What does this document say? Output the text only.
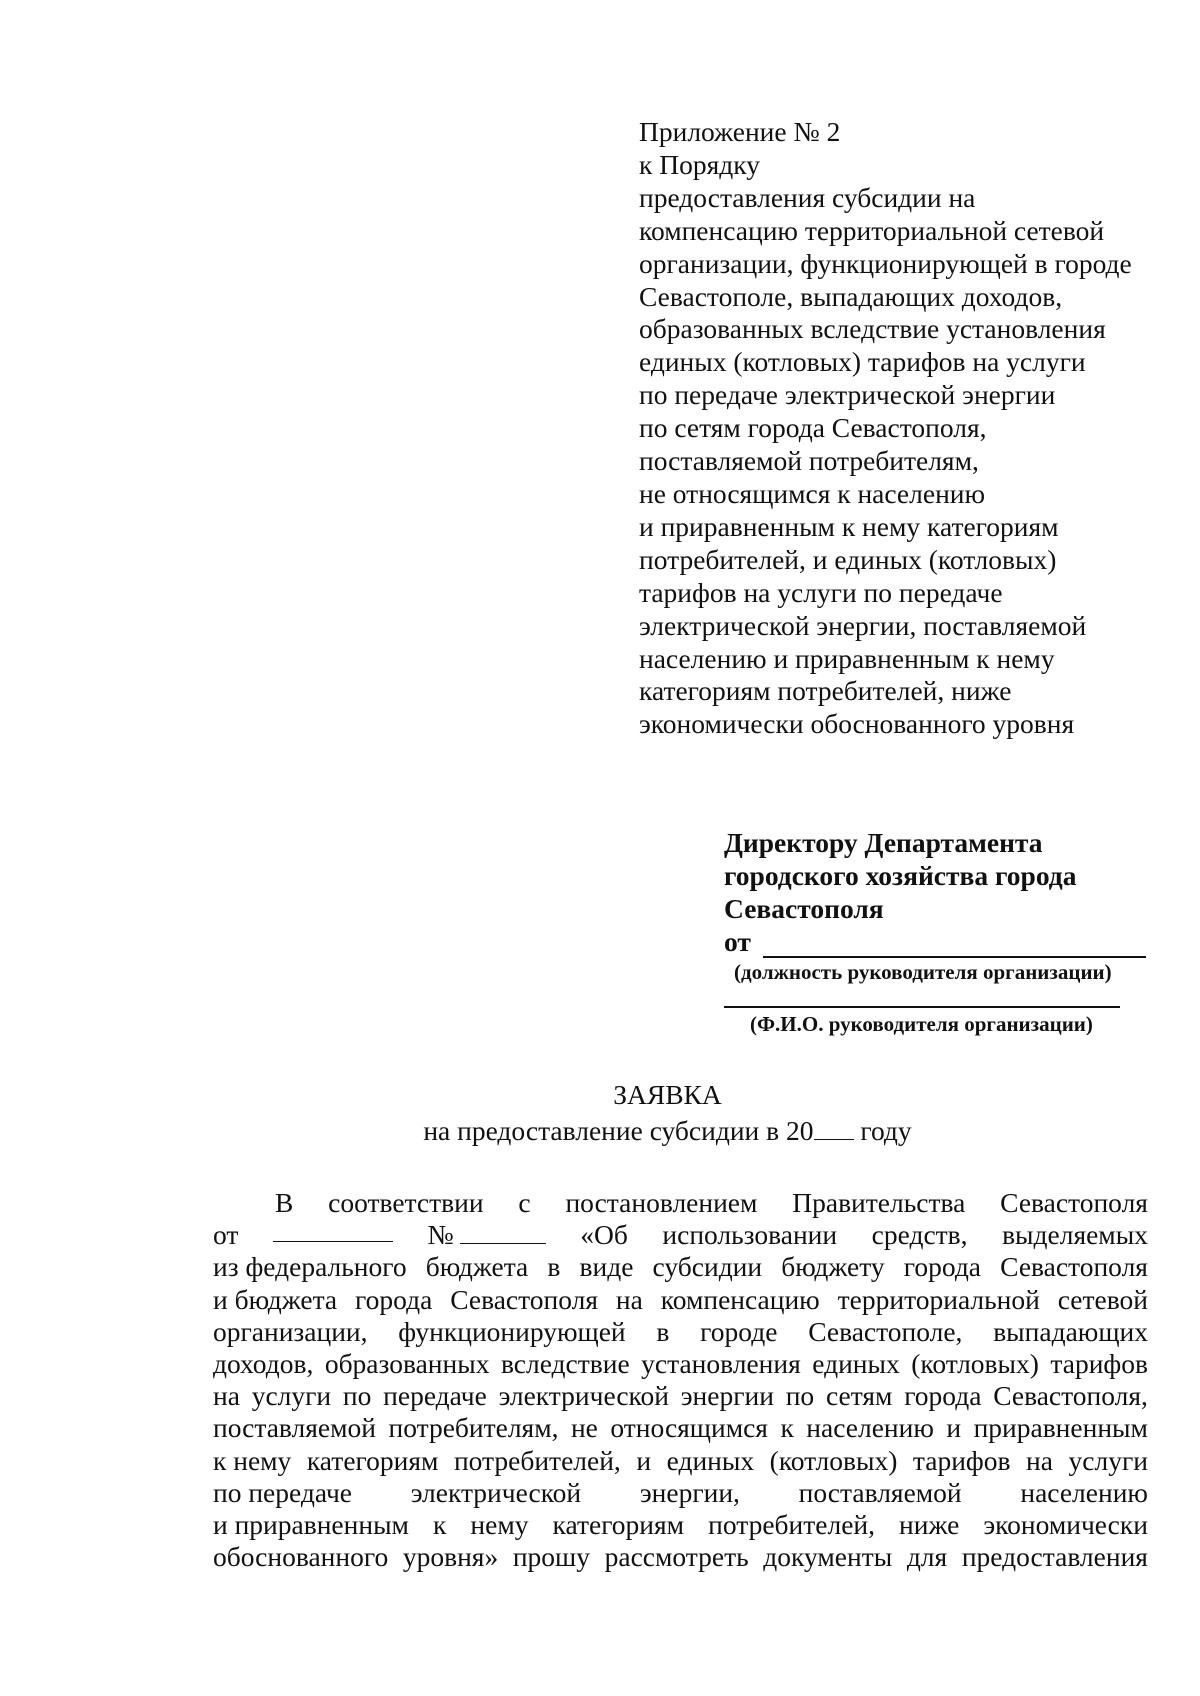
Приложение № 2
к Порядку
предоставления субсидии на
компенсацию территориальной сетевой
организации, функционирующей в городе
Севастополе, выпадающих доходов,
образованных вследствие установления
единых (котловых) тарифов на услуги
по передаче электрической энергии
по сетям города Севастополя,
поставляемой потребителям,
не относящимся к населению
и приравненным к нему категориям
потребителей, и единых (котловых)
тарифов на услуги по передаче
электрической энергии, поставляемой
населению и приравненным к нему
категориям потребителей, ниже
экономически обоснованного уровня
Директору Департамента
городского хозяйства города
Севастополя
от
(должность руководителя организации)
(Ф.И.О. руководителя организации)
ЗАЯВКА
на предоставление субсидии в 20 году
В соответствии с постановлением Правительства Севастополя
от	№	«Об использовании средств, выделяемых
из федерального бюджета в виде субсидии бюджету города Севастополя
и бюджета города Севастополя на компенсацию территориальной сетевой
организации, функционирующей в городе Севастополе, выпадающих
доходов, образованных вследствие установления единых (котловых) тарифов
на услуги по передаче электрической энергии по сетям города Севастополя,
поставляемой потребителям, не относящимся к населению и приравненным
к нему категориям потребителей, и единых (котловых) тарифов на услуги
по передаче электрической энергии, поставляемой населению
и приравненным к нему категориям потребителей, ниже экономически
обоснованного уровня» прошу рассмотреть документы для предоставления
